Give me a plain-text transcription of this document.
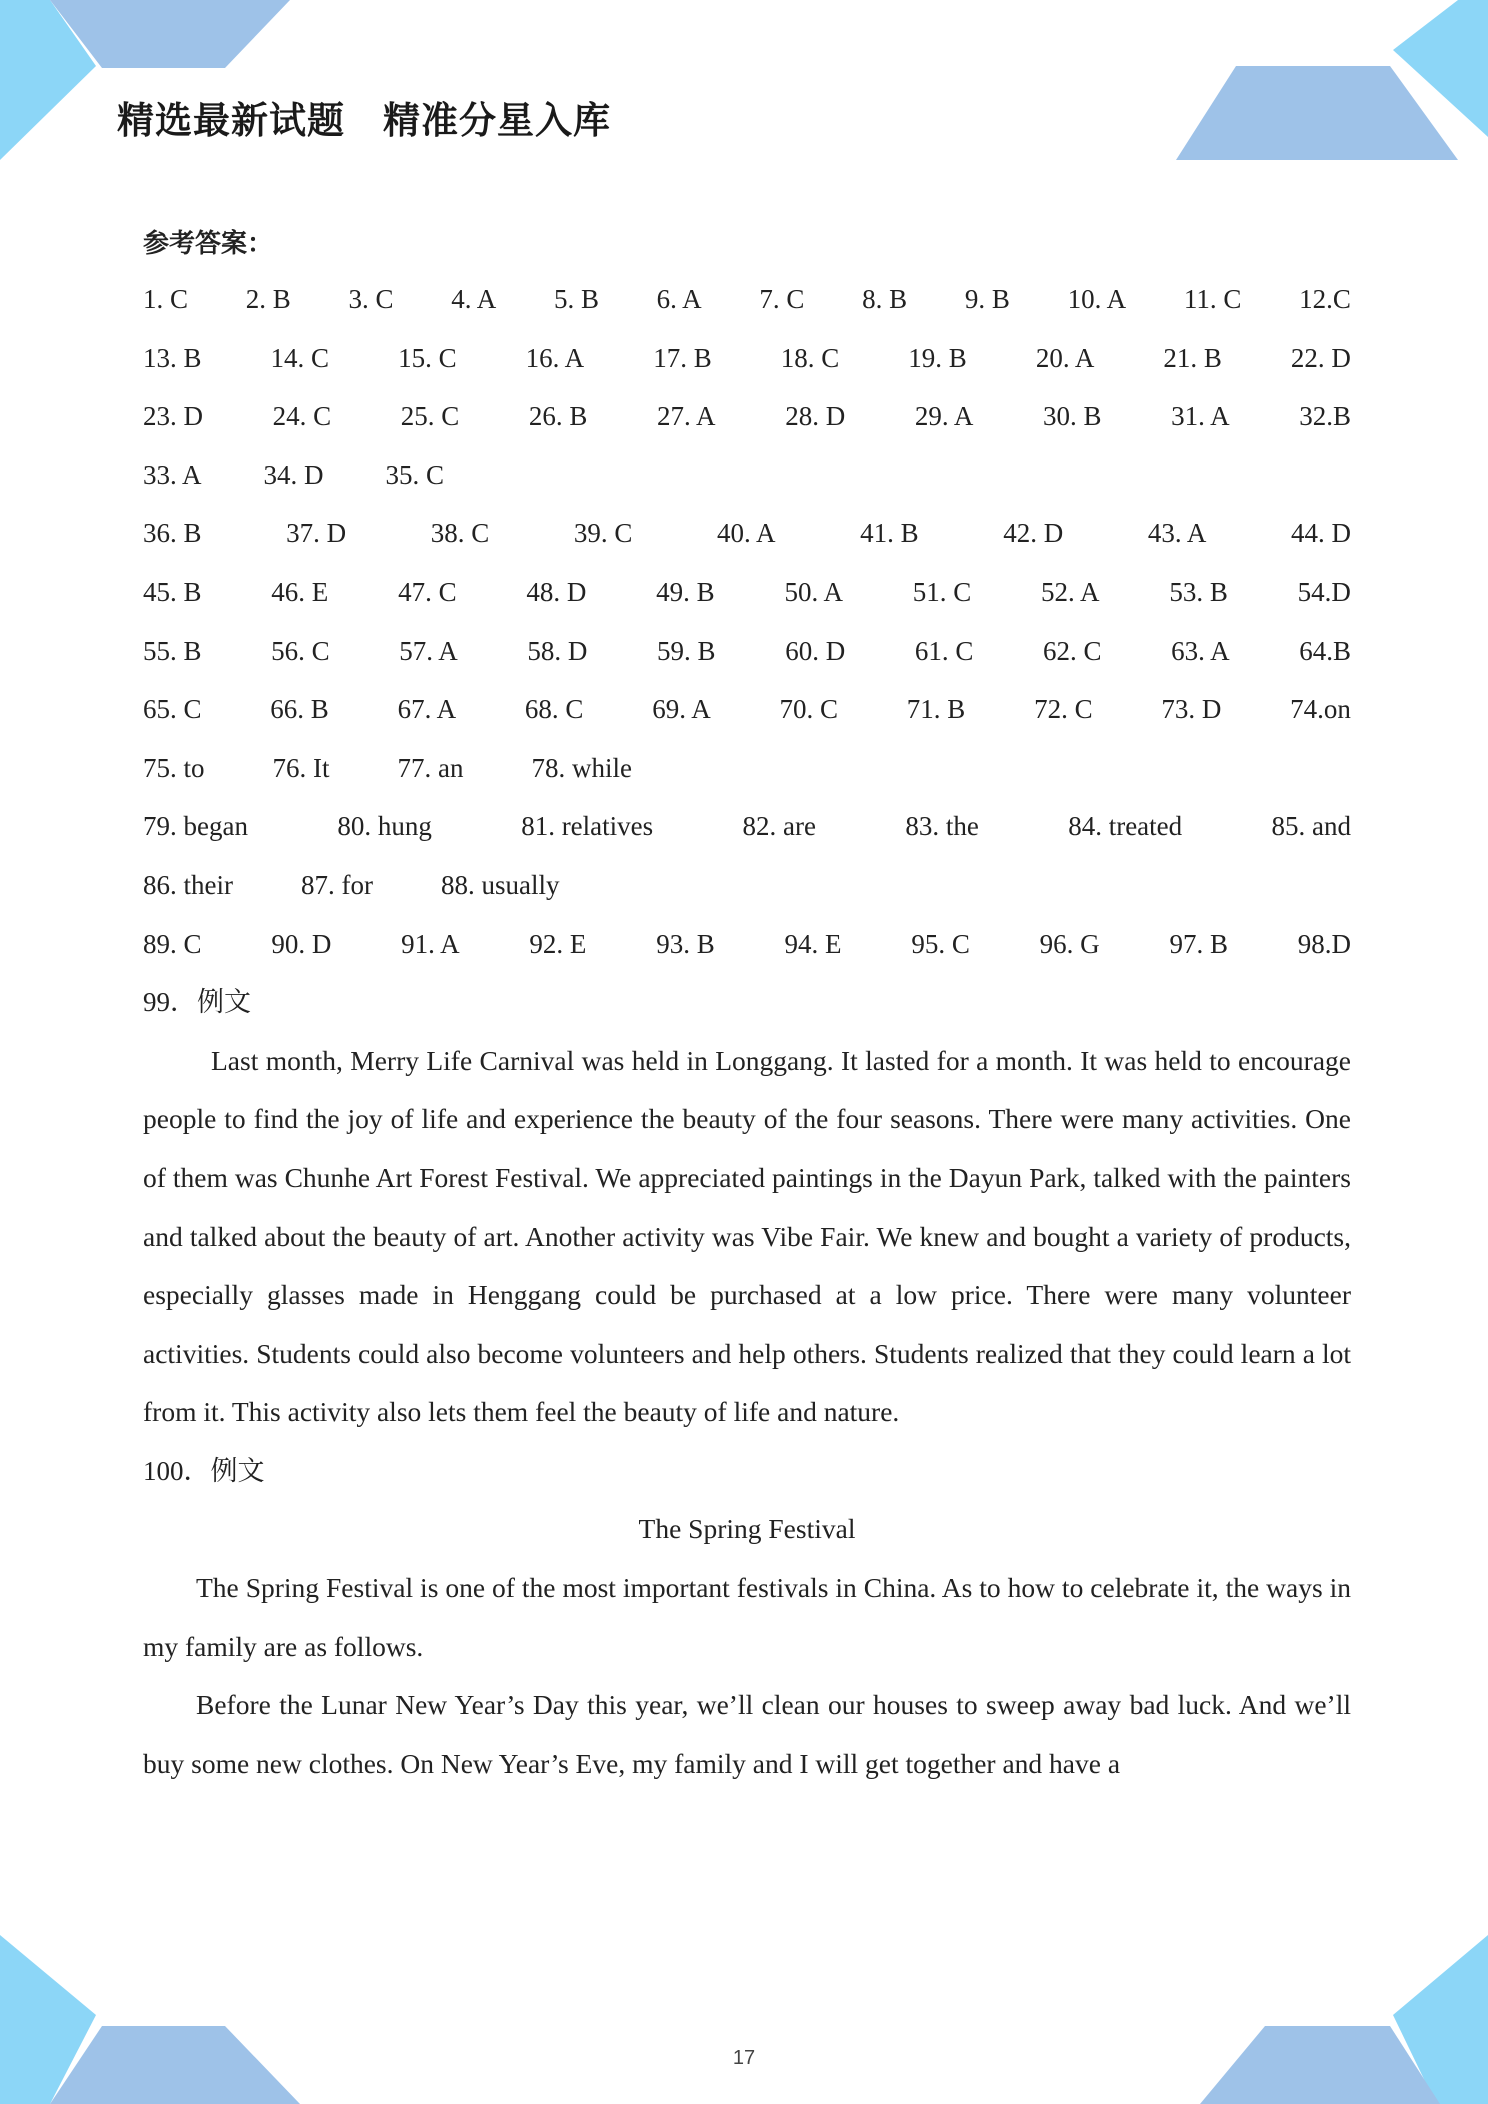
精选最新试题　精准分星入库
参考答案：
1. C 2. B 3. C 4. A 5. B 6. A 7. C 8. B 9. B 10. A 11. C 12.C
13. B	14. C	15. C	16. A	17. B	18. C	19. B	20. A	21. B	22. D
23. D	24. C	25. C	26. B	27. A	28. D	29. A	30. B	31. A	32.B
33. A 34. D 35. C
36. B	37. D	38. C	39. C	40. A	41. B	42. D	43. A	44. D
45. B	46. E	47. C	48. D	49. B	50. A	51. C	52. A	53. B	54.D
55. B	56. C	57. A	58. D	59. B	60. D	61. C	62. C	63. A	64.B
65. C	66. B	67. A	68. C	69. A	70. C	71. B	72. C	73. D	74.on
75. to	76. It	77. an	78. while
79. began	80. hung	81. relatives	82. are	83. the	84. treated	85. and
86. their	87. for	88. usually
89. C	90. D	91. A	92. E	93. B	94. E	95. C	96. G	97. B	98.D
99．例文

Last month, Merry Life Carnival was held in Longgang. It lasted for a month. It was held to encourage people to find the joy of life and experience the beauty of the four seasons. There were many activities. One of them was Chunhe Art Forest Festival. We appreciated paintings in the Dayun Park, talked with the painters and talked about the beauty of art. Another activity was Vibe Fair. We knew and bought a variety of products, especially glasses made in Henggang could be purchased at a low price. There were many volunteer activities. Students could also become volunteers and help others. Students realized that they could learn a lot from it. This activity also lets them feel the beauty of life and nature.

100．例文
The Spring Festival

The Spring Festival is one of the most important festivals in China. As to how to celebrate it, the ways in my family are as follows.

Before the Lunar New Year’s Day this year, we’ll clean our houses to sweep away bad luck. And we’ll buy some new clothes. On New Year’s Eve, my family and I will get together and have a

17
